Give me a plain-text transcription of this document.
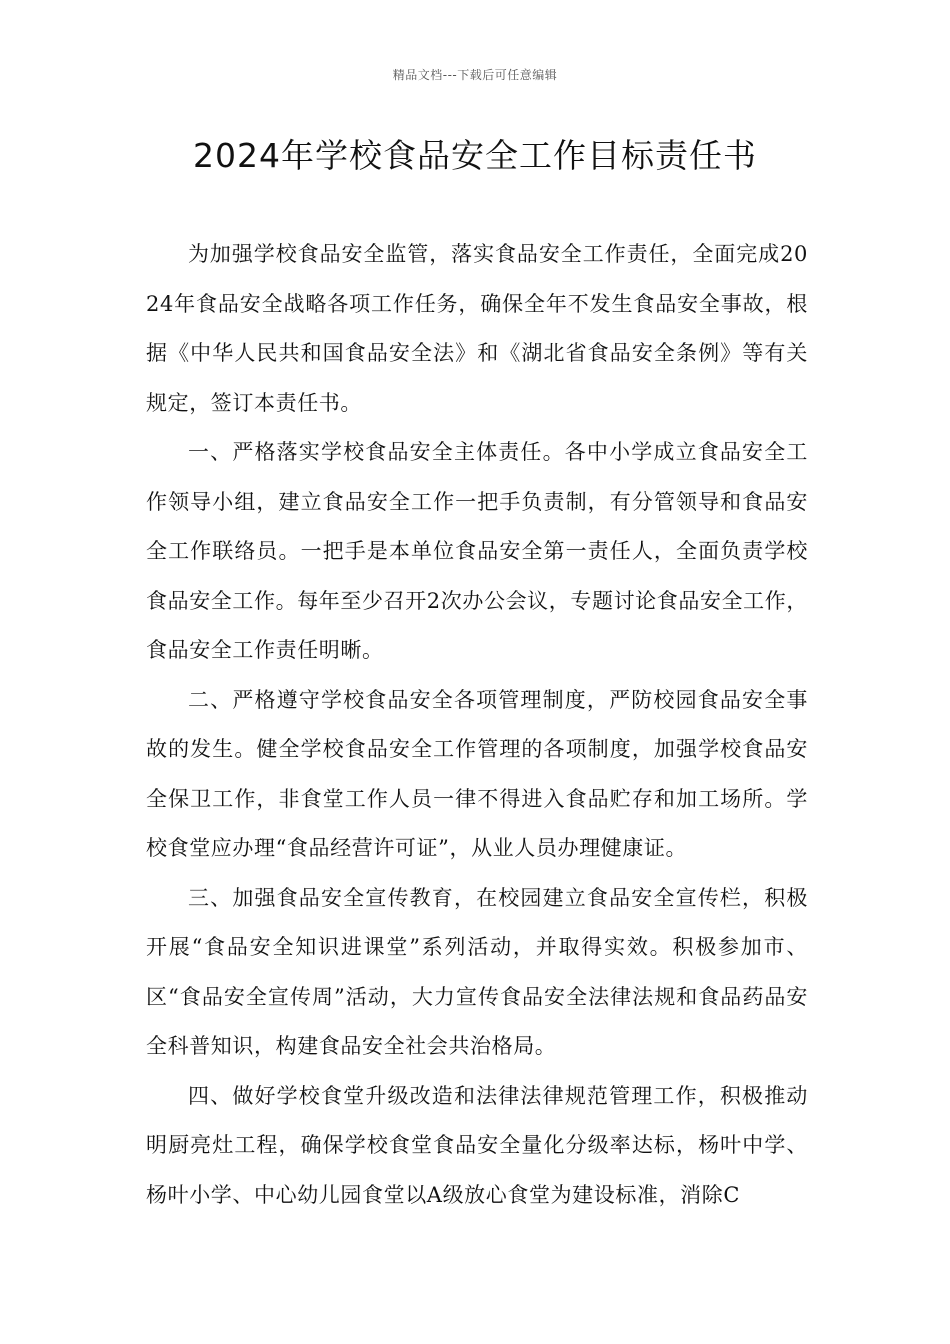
精品文档---下载后可任意编辑
2024年学校食品安全工作目标责任书

为加强学校食品安全监管，落实食品安全工作责任，全面完成2024年食品安全战略各项工作任务，确保全年不发生食品安全事故，根据《中华人民共和国食品安全法》和《湖北省食品安全条例》等有关规定，签订本责任书。

一、严格落实学校食品安全主体责任。各中小学成立食品安全工作领导小组，建立食品安全工作一把手负责制，有分管领导和食品安全工作联络员。一把手是本单位食品安全第一责任人，全面负责学校食品安全工作。每年至少召开2次办公会议，专题讨论食品安全工作，食品安全工作责任明晰。

二、严格遵守学校食品安全各项管理制度，严防校园食品安全事故的发生。健全学校食品安全工作管理的各项制度，加强学校食品安全保卫工作，非食堂工作人员一律不得进入食品贮存和加工场所。学校食堂应办理“食品经营许可证”，从业人员办理健康证。

三、加强食品安全宣传教育，在校园建立食品安全宣传栏，积极开展“食品安全知识进课堂”系列活动，并取得实效。积极参加市、区“食品安全宣传周”活动，大力宣传食品安全法律法规和食品药品安全科普知识，构建食品安全社会共治格局。

四、做好学校食堂升级改造和法律法律规范管理工作，积极推动明厨亮灶工程，确保学校食堂食品安全量化分级率达标，杨叶中学、杨叶小学、中心幼儿园食堂以A级放心食堂为建设标准，消除C
